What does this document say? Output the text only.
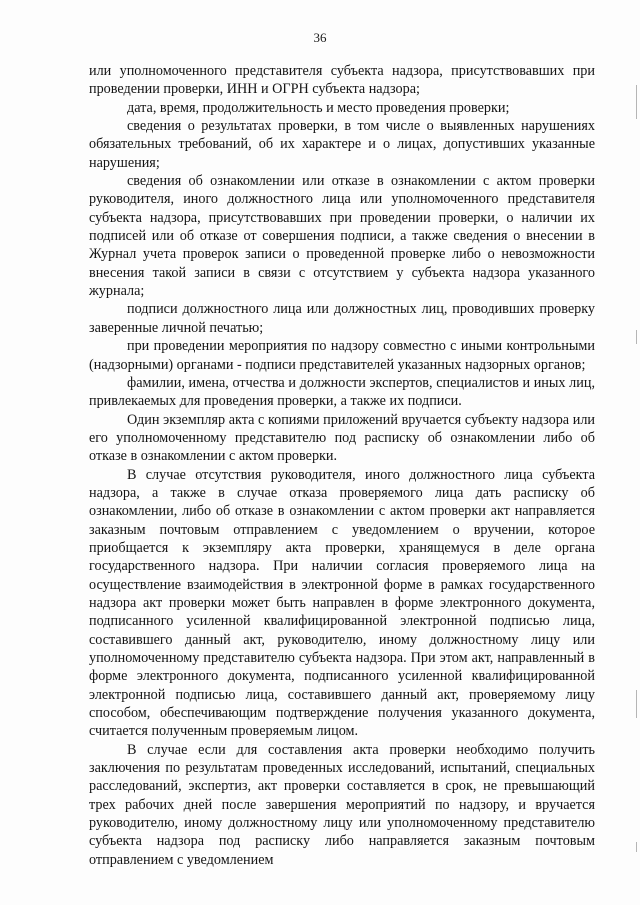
36

или уполномоченного представителя субъекта надзора, присутствовавших при проведении проверки, ИНН и ОГРН субъекта надзора;

дата, время, продолжительность и место проведения проверки;

сведения о результатах проверки, в том числе о выявленных нарушениях обязательных требований, об их характере и о лицах, допустивших указанные нарушения;

сведения об ознакомлении или отказе в ознакомлении с актом проверки руководителя, иного должностного лица или уполномоченного представителя субъекта надзора, присутствовавших при проведении проверки, о наличии их подписей или об отказе от совершения подписи, а также сведения о внесении в Журнал учета проверок записи о проведенной проверке либо о невозможности внесения такой записи в связи с отсутствием у субъекта надзора указанного журнала;

подписи должностного лица или должностных лиц, проводивших проверку заверенные личной печатью;

при проведении мероприятия по надзору совместно с иными контрольными (надзорными) органами - подписи представителей указанных надзорных органов;

фамилии, имена, отчества и должности экспертов, специалистов и иных лиц, привлекаемых для проведения проверки, а также их подписи.

Один экземпляр акта с копиями приложений вручается субъекту надзора или его уполномоченному представителю под расписку об ознакомлении либо об отказе в ознакомлении с актом проверки.

В случае отсутствия руководителя, иного должностного лица субъекта надзора, а также в случае отказа проверяемого лица дать расписку об ознакомлении, либо об отказе в ознакомлении с актом проверки акт направляется заказным почтовым отправлением с уведомлением о вручении, которое приобщается к экземпляру акта проверки, хранящемуся в деле органа государственного надзора. При наличии согласия проверяемого лица на осуществление взаимодействия в электронной форме в рамках государственного надзора акт проверки может быть направлен в форме электронного документа, подписанного усиленной квалифицированной электронной подписью лица, составившего данный акт, руководителю, иному должностному лицу или уполномоченному представителю субъекта надзора. При этом акт, направленный в форме электронного документа, подписанного усиленной квалифицированной электронной подписью лица, составившего данный акт, проверяемому лицу способом, обеспечивающим подтверждение получения указанного документа, считается полученным проверяемым лицом.

В случае если для составления акта проверки необходимо получить заключения по результатам проведенных исследований, испытаний, специальных расследований, экспертиз, акт проверки составляется в срок, не превышающий трех рабочих дней после завершения мероприятий по надзору, и вручается руководителю, иному должностному лицу или уполномоченному представителю субъекта надзора под расписку либо направляется заказным почтовым отправлением с уведомлением
